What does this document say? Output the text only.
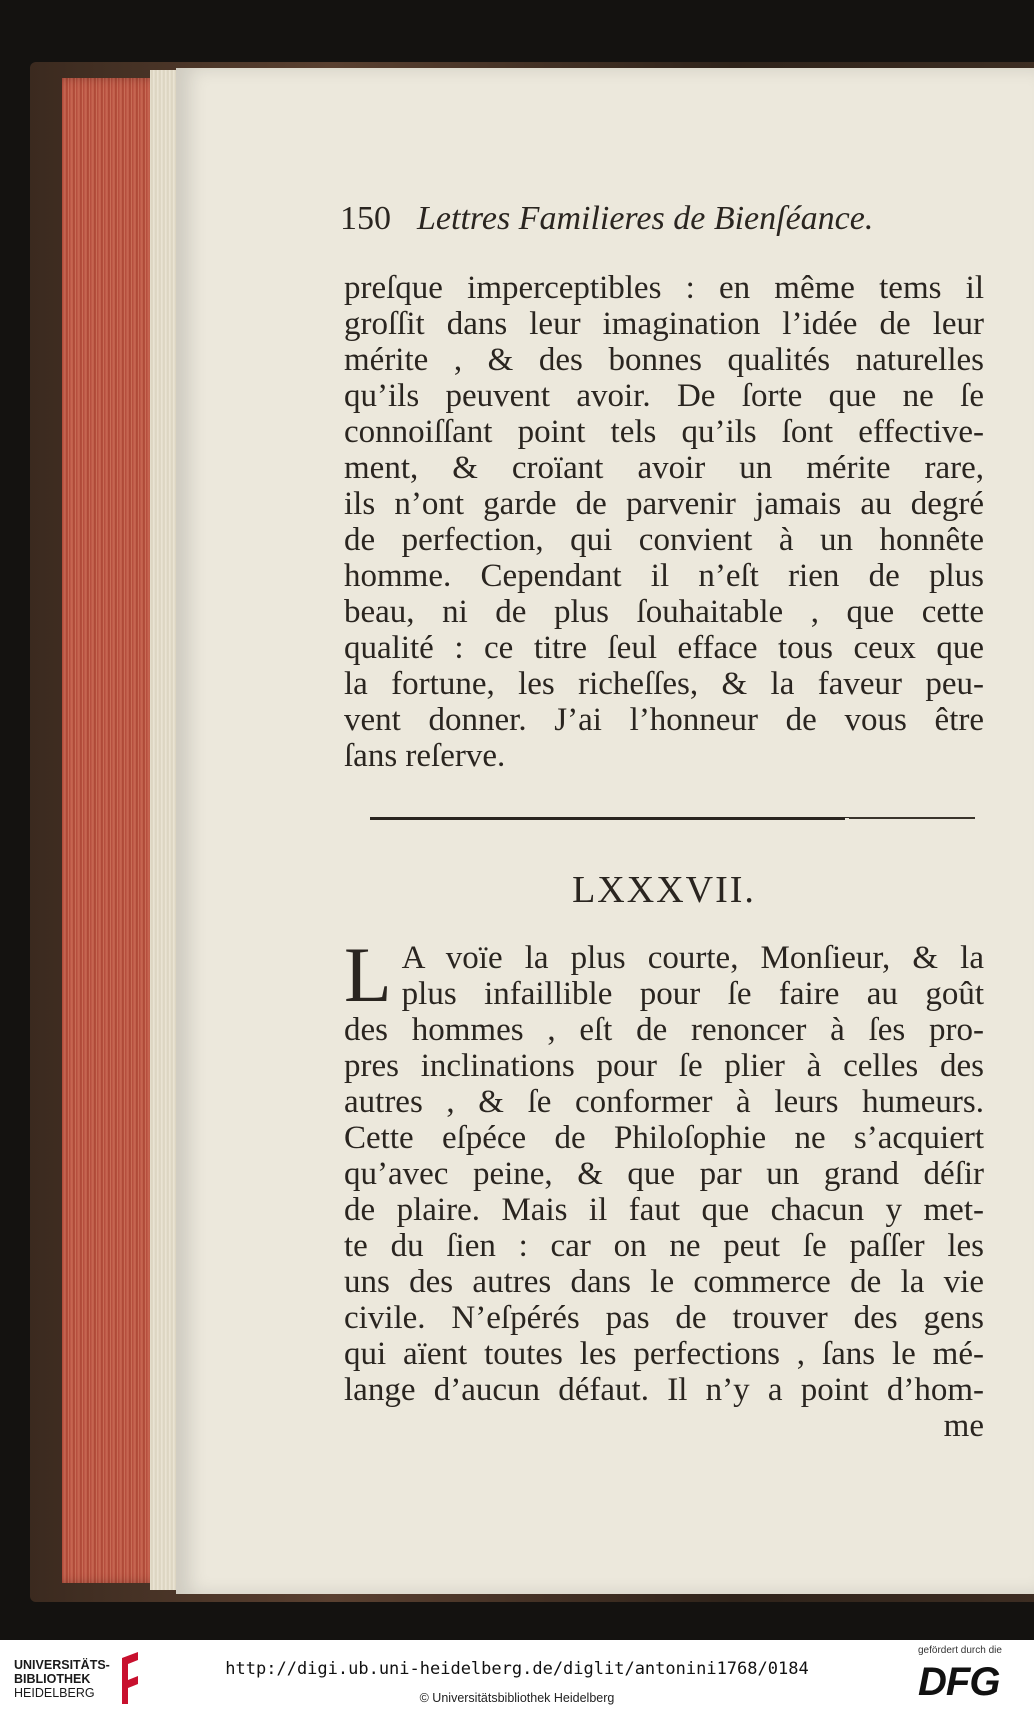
150 Lettres Familieres de Bienſéance.
preſque imperceptibles : en même tems il
groſſit dans leur imagination l’idée de leur
mérite , & des bonnes qualités naturelles
qu’ils peuvent avoir. De ſorte que ne ſe
connoiſſant point tels qu’ils ſont effective-
ment, & croïant avoir un mérite rare,
ils n’ont garde de parvenir jamais au degré
de perfection, qui convient à un honnête
homme. Cependant il n’eſt rien de plus
beau, ni de plus ſouhaitable , que cette
qualité : ce titre ſeul efface tous ceux que
la fortune, les richeſſes, & la faveur peu-
vent donner. J’ai l’honneur de vous être
ſans reſerve.
LXXXVII.
L A voïe la plus courte, Monſieur, & la
plus infaillible pour ſe faire au goût
des hommes , eſt de renoncer à ſes pro-
pres inclinations pour ſe plier à celles des
autres , & ſe conformer à leurs humeurs.
Cette eſpéce de Philoſophie ne s’acquiert
qu’avec peine, & que par un grand déſir
de plaire. Mais il faut que chacun y met-
te du ſien : car on ne peut ſe paſſer les
uns des autres dans le commerce de la vie
civile. N’eſpérés pas de trouver des gens
qui aïent toutes les perfections , ſans le mé-
lange d’aucun défaut. Il n’y a point d’hom-
me
UNIVERSITÄTS-
BIBLIOTHEK
HEIDELBERG
http://digi.ub.uni-heidelberg.de/diglit/antonini1768/0184
© Universitätsbibliothek Heidelberg
gefördert durch die
DFG
